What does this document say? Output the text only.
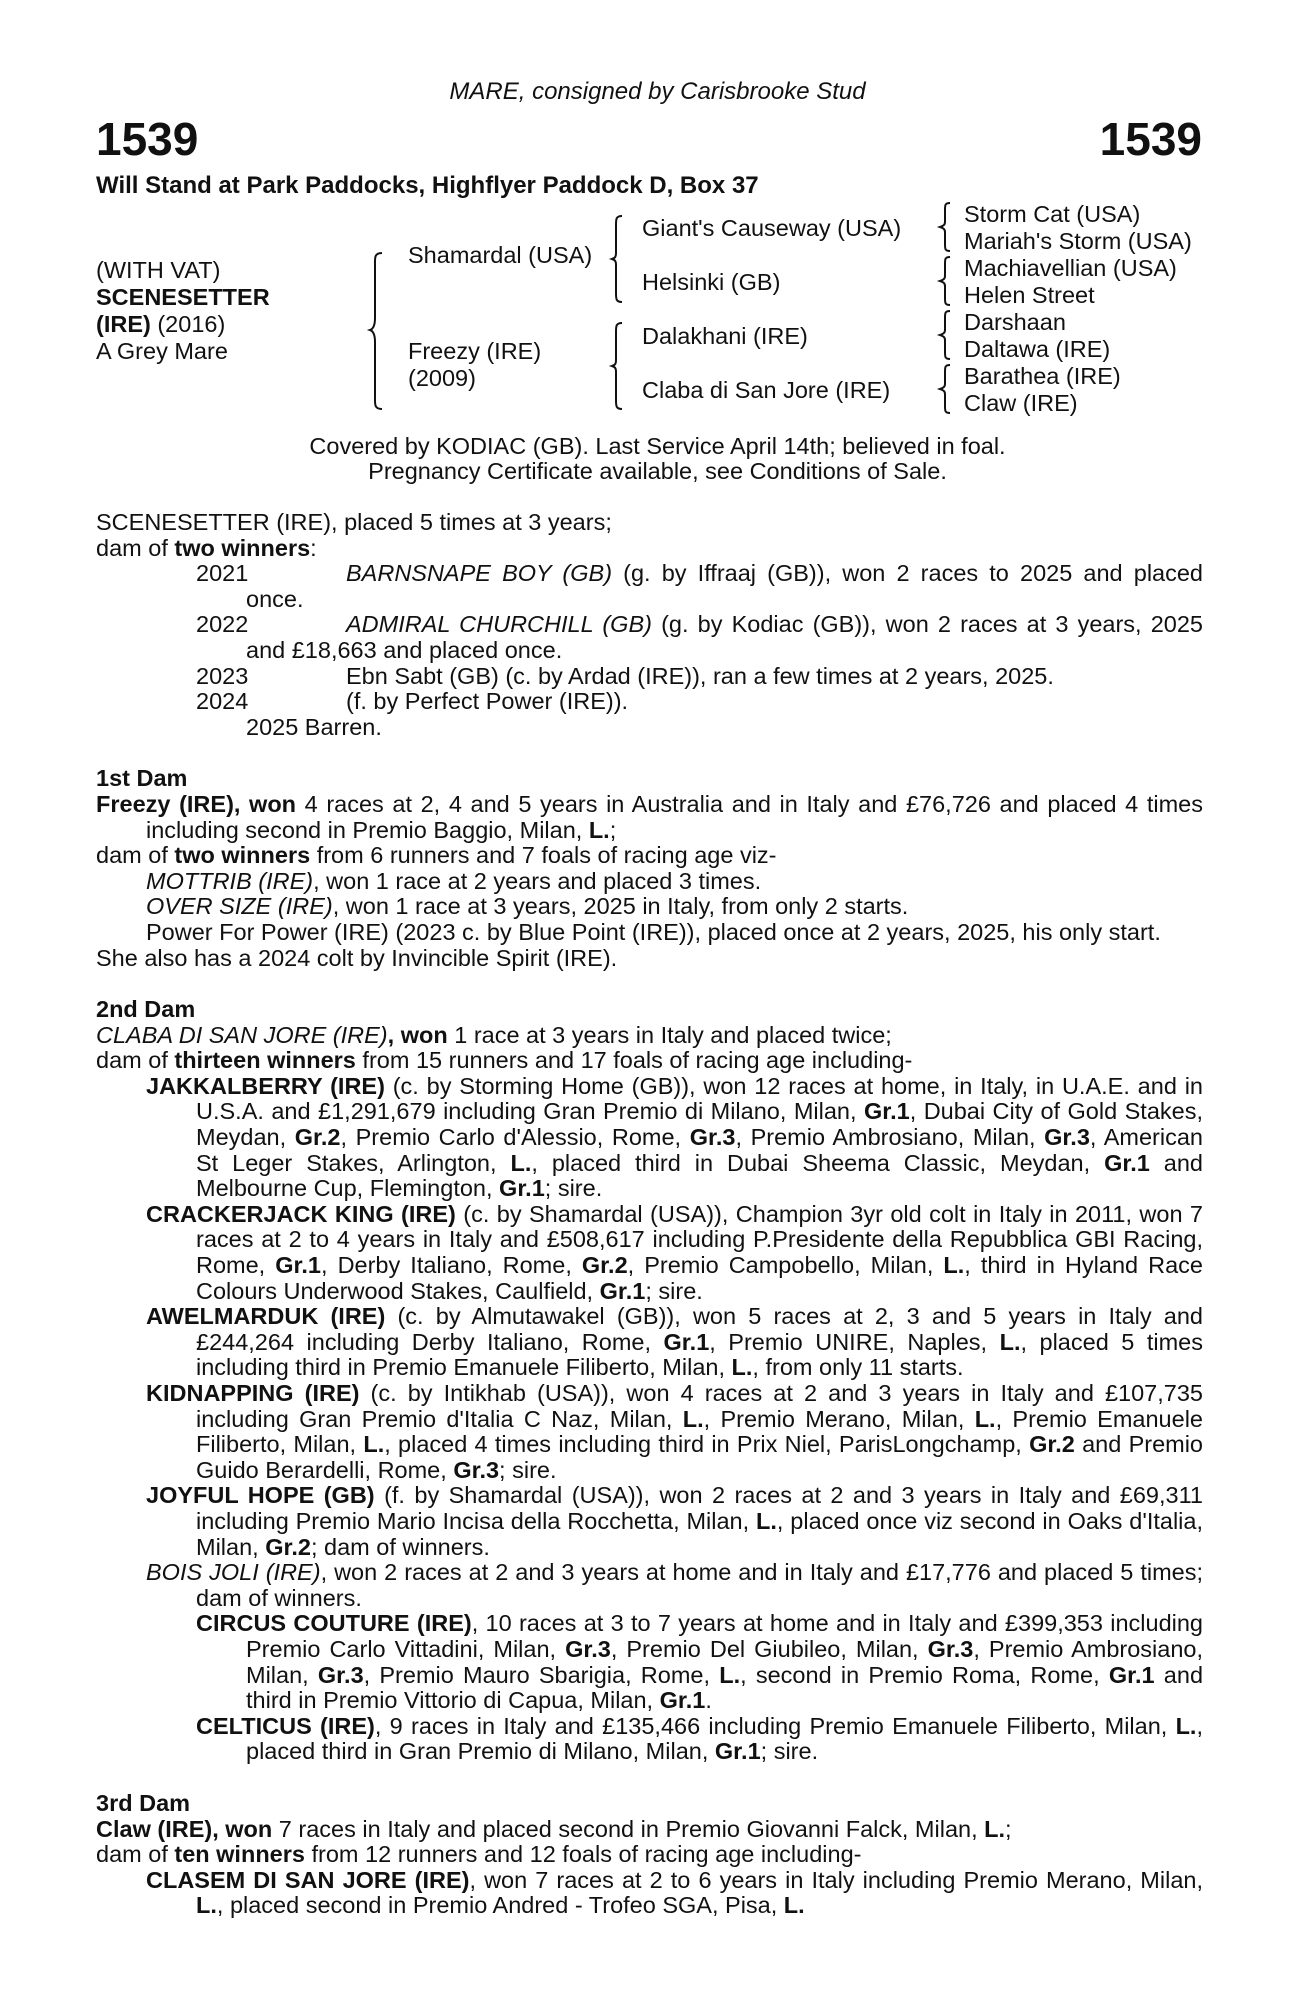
MARE, consigned by Carisbrooke Stud
1539	1539
Will Stand at Park Paddocks, Highflyer Paddock D, Box 37
(WITH VAT)
SCENESETTER
(IRE) (2016)
A Grey Mare
Shamardal (USA)
Freezy (IRE)
(2009)
Giant's Causeway (USA)
Helsinki (GB)
Dalakhani (IRE)
Claba di San Jore (IRE)
Storm Cat (USA)
Mariah's Storm (USA)
Machiavellian (USA)
Helen Street
Darshaan
Daltawa (IRE)
Barathea (IRE)
Claw (IRE)
Covered by KODIAC (GB). Last Service April 14th; believed in foal.
Pregnancy Certificate available, see Conditions of Sale.

SCENESETTER (IRE), placed 5 times at 3 years;

dam of two winners:

2021	BARNSNAPE BOY (GB) (g. by Iffraaj (GB)), won 2 races to 2025 and placed once.

2022	ADMIRAL CHURCHILL (GB) (g. by Kodiac (GB)), won 2 races at 3 years, 2025 and £18,663 and placed once.

2023	Ebn Sabt (GB) (c. by Ardad (IRE)), ran a few times at 2 years, 2025.

2024	(f. by Perfect Power (IRE)).

2025 Barren.

1st Dam

Freezy (IRE), won 4 races at 2, 4 and 5 years in Australia and in Italy and £76,726 and placed 4 times including second in Premio Baggio, Milan, L.;

dam of two winners from 6 runners and 7 foals of racing age viz-

MOTTRIB (IRE), won 1 race at 2 years and placed 3 times.

OVER SIZE (IRE), won 1 race at 3 years, 2025 in Italy, from only 2 starts.

Power For Power (IRE) (2023 c. by Blue Point (IRE)), placed once at 2 years, 2025, his only start.

She also has a 2024 colt by Invincible Spirit (IRE).

2nd Dam

CLABA DI SAN JORE (IRE), won 1 race at 3 years in Italy and placed twice;

dam of thirteen winners from 15 runners and 17 foals of racing age including-

JAKKALBERRY (IRE) (c. by Storming Home (GB)), won 12 races at home, in Italy, in U.A.E. and in U.S.A. and £1,291,679 including Gran Premio di Milano, Milan, Gr.1, Dubai City of Gold Stakes, Meydan, Gr.2, Premio Carlo d'Alessio, Rome, Gr.3, Premio Ambrosiano, Milan, Gr.3, American St Leger Stakes, Arlington, L., placed third in Dubai Sheema Classic, Meydan, Gr.1 and Melbourne Cup, Flemington, Gr.1; sire.

CRACKERJACK KING (IRE) (c. by Shamardal (USA)), Champion 3yr old colt in Italy in 2011, won 7 races at 2 to 4 years in Italy and £508,617 including P.Presidente della Repubblica GBI Racing, Rome, Gr.1, Derby Italiano, Rome, Gr.2, Premio Campobello, Milan, L., third in Hyland Race Colours Underwood Stakes, Caulfield, Gr.1; sire.

AWELMARDUK (IRE) (c. by Almutawakel (GB)), won 5 races at 2, 3 and 5 years in Italy and £244,264 including Derby Italiano, Rome, Gr.1, Premio UNIRE, Naples, L., placed 5 times including third in Premio Emanuele Filiberto, Milan, L., from only 11 starts.

KIDNAPPING (IRE) (c. by Intikhab (USA)), won 4 races at 2 and 3 years in Italy and £107,735 including Gran Premio d'Italia C Naz, Milan, L., Premio Merano, Milan, L., Premio Emanuele Filiberto, Milan, L., placed 4 times including third in Prix Niel, ParisLongchamp, Gr.2 and Premio Guido Berardelli, Rome, Gr.3; sire.

JOYFUL HOPE (GB) (f. by Shamardal (USA)), won 2 races at 2 and 3 years in Italy and £69,311 including Premio Mario Incisa della Rocchetta, Milan, L., placed once viz second in Oaks d'Italia, Milan, Gr.2; dam of winners.

BOIS JOLI (IRE), won 2 races at 2 and 3 years at home and in Italy and £17,776 and placed 5 times; dam of winners.

CIRCUS COUTURE (IRE), 10 races at 3 to 7 years at home and in Italy and £399,353 including Premio Carlo Vittadini, Milan, Gr.3, Premio Del Giubileo, Milan, Gr.3, Premio Ambrosiano, Milan, Gr.3, Premio Mauro Sbarigia, Rome, L., second in Premio Roma, Rome, Gr.1 and third in Premio Vittorio di Capua, Milan, Gr.1.

CELTICUS (IRE), 9 races in Italy and £135,466 including Premio Emanuele Filiberto, Milan, L., placed third in Gran Premio di Milano, Milan, Gr.1; sire.

3rd Dam

Claw (IRE), won 7 races in Italy and placed second in Premio Giovanni Falck, Milan, L.;

dam of ten winners from 12 runners and 12 foals of racing age including-

CLASEM DI SAN JORE (IRE), won 7 races at 2 to 6 years in Italy including Premio Merano, Milan, L., placed second in Premio Andred - Trofeo SGA, Pisa, L.
